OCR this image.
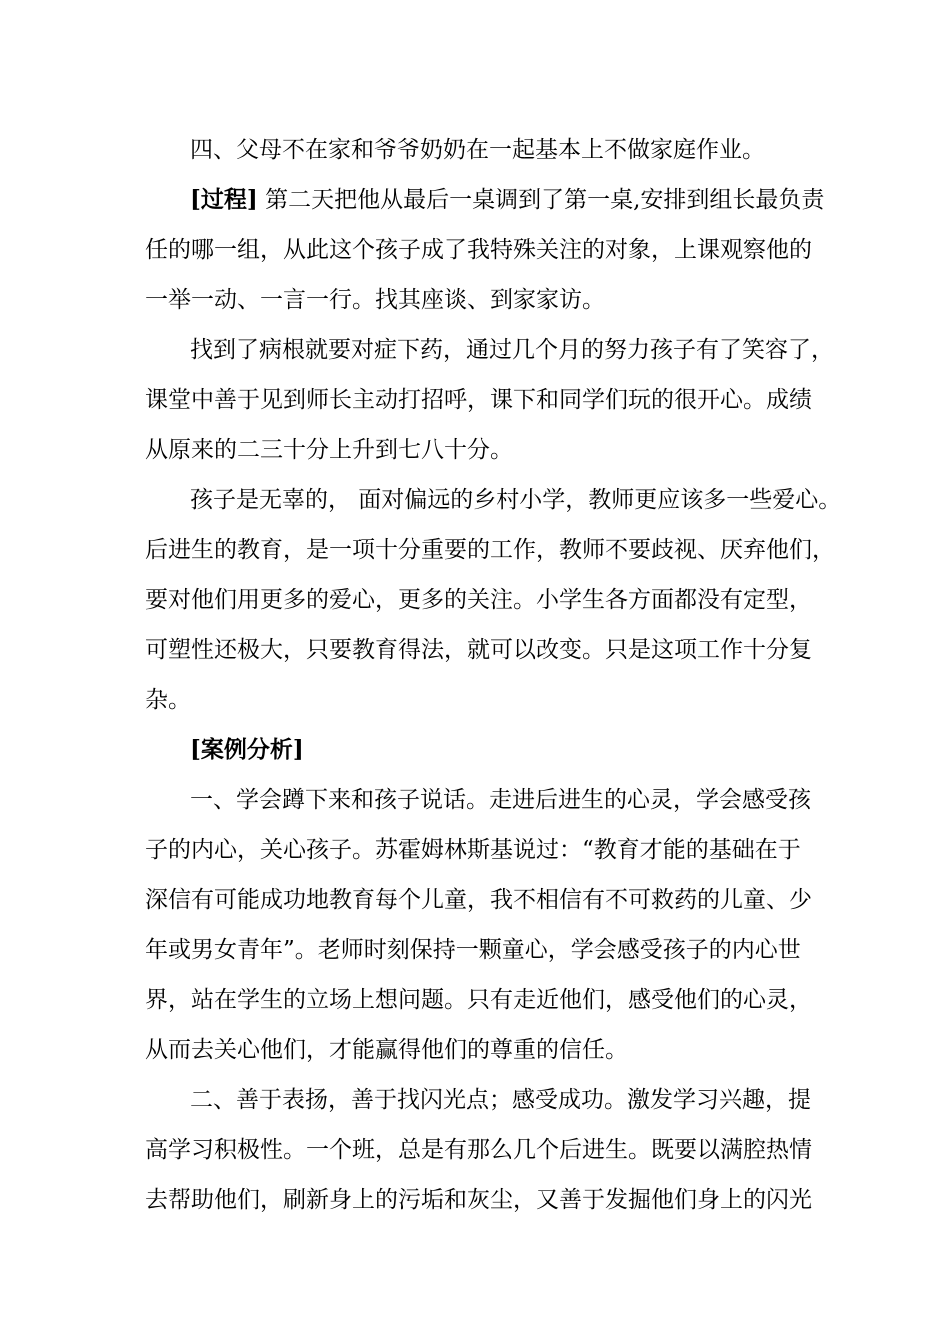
四、父母不在家和爷爷奶奶在一起基本上不做家庭作业。
[过程] 第二天把他从最后一桌调到了第一桌,安排到组长最负责
任的哪一组，从此这个孩子成了我特殊关注的对象，上课观察他的
一举一动、一言一行。找其座谈、到家家访。
找到了病根就要对症下药，通过几个月的努力孩子有了笑容了，
课堂中善于见到师长主动打招呼，课下和同学们玩的很开心。成绩
从原来的二三十分上升到七八十分。
孩子是无辜的， 面对偏远的乡村小学，教师更应该多一些爱心。
后进生的教育，是一项十分重要的工作，教师不要歧视、厌弃他们，
要对他们用更多的爱心，更多的关注。小学生各方面都没有定型，
可塑性还极大，只要教育得法，就可以改变。只是这项工作十分复
杂。
[案例分析]
一、学会蹲下来和孩子说话。走进后进生的心灵，学会感受孩
子的内心，关心孩子。苏霍姆林斯基说过：“教育才能的基础在于
深信有可能成功地教育每个儿童，我不相信有不可救药的儿童、少
年或男女青年”。老师时刻保持一颗童心，学会感受孩子的内心世
界，站在学生的立场上想问题。只有走近他们，感受他们的心灵，
从而去关心他们，才能赢得他们的尊重的信任。
二、善于表扬，善于找闪光点；感受成功。激发学习兴趣，提
高学习积极性。一个班，总是有那么几个后进生。既要以满腔热情
去帮助他们，刷新身上的污垢和灰尘，又善于发掘他们身上的闪光
